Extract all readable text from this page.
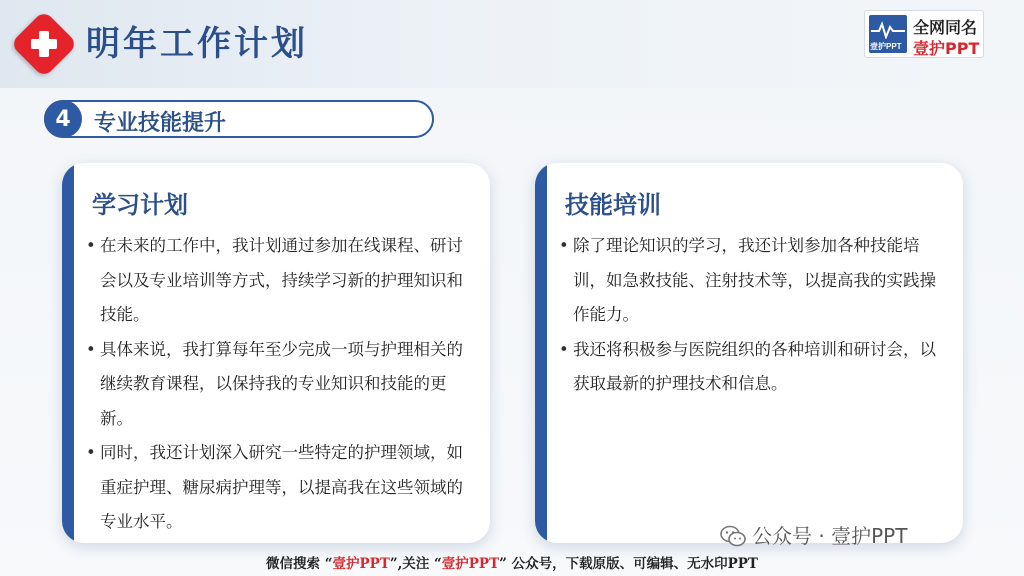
明年工作计划	壹护PPT
全网同名
壹护PPT
4	专业技能提升
学习计划
• 在未来的工作中，我计划通过参加在线课程、研讨会以及专业培训等方式，持续学习新的护理知识和技能。
• 具体来说，我打算每年至少完成一项与护理相关的继续教育课程，以保持我的专业知识和技能的更新。
• 同时，我还计划深入研究一些特定的护理领域，如重症护理、糖尿病护理等，以提高我在这些领域的专业水平。
技能培训
• 除了理论知识的学习，我还计划参加各种技能培训，如急救技能、注射技术等，以提高我的实践操作能力。
• 我还将积极参与医院组织的各种培训和研讨会，以获取最新的护理技术和信息。
公众号 · 壹护PPT
微信搜索 “壹护PPT”,关注 “壹护PPT” 公众号，下载原版、可编辑、无水印PPT
